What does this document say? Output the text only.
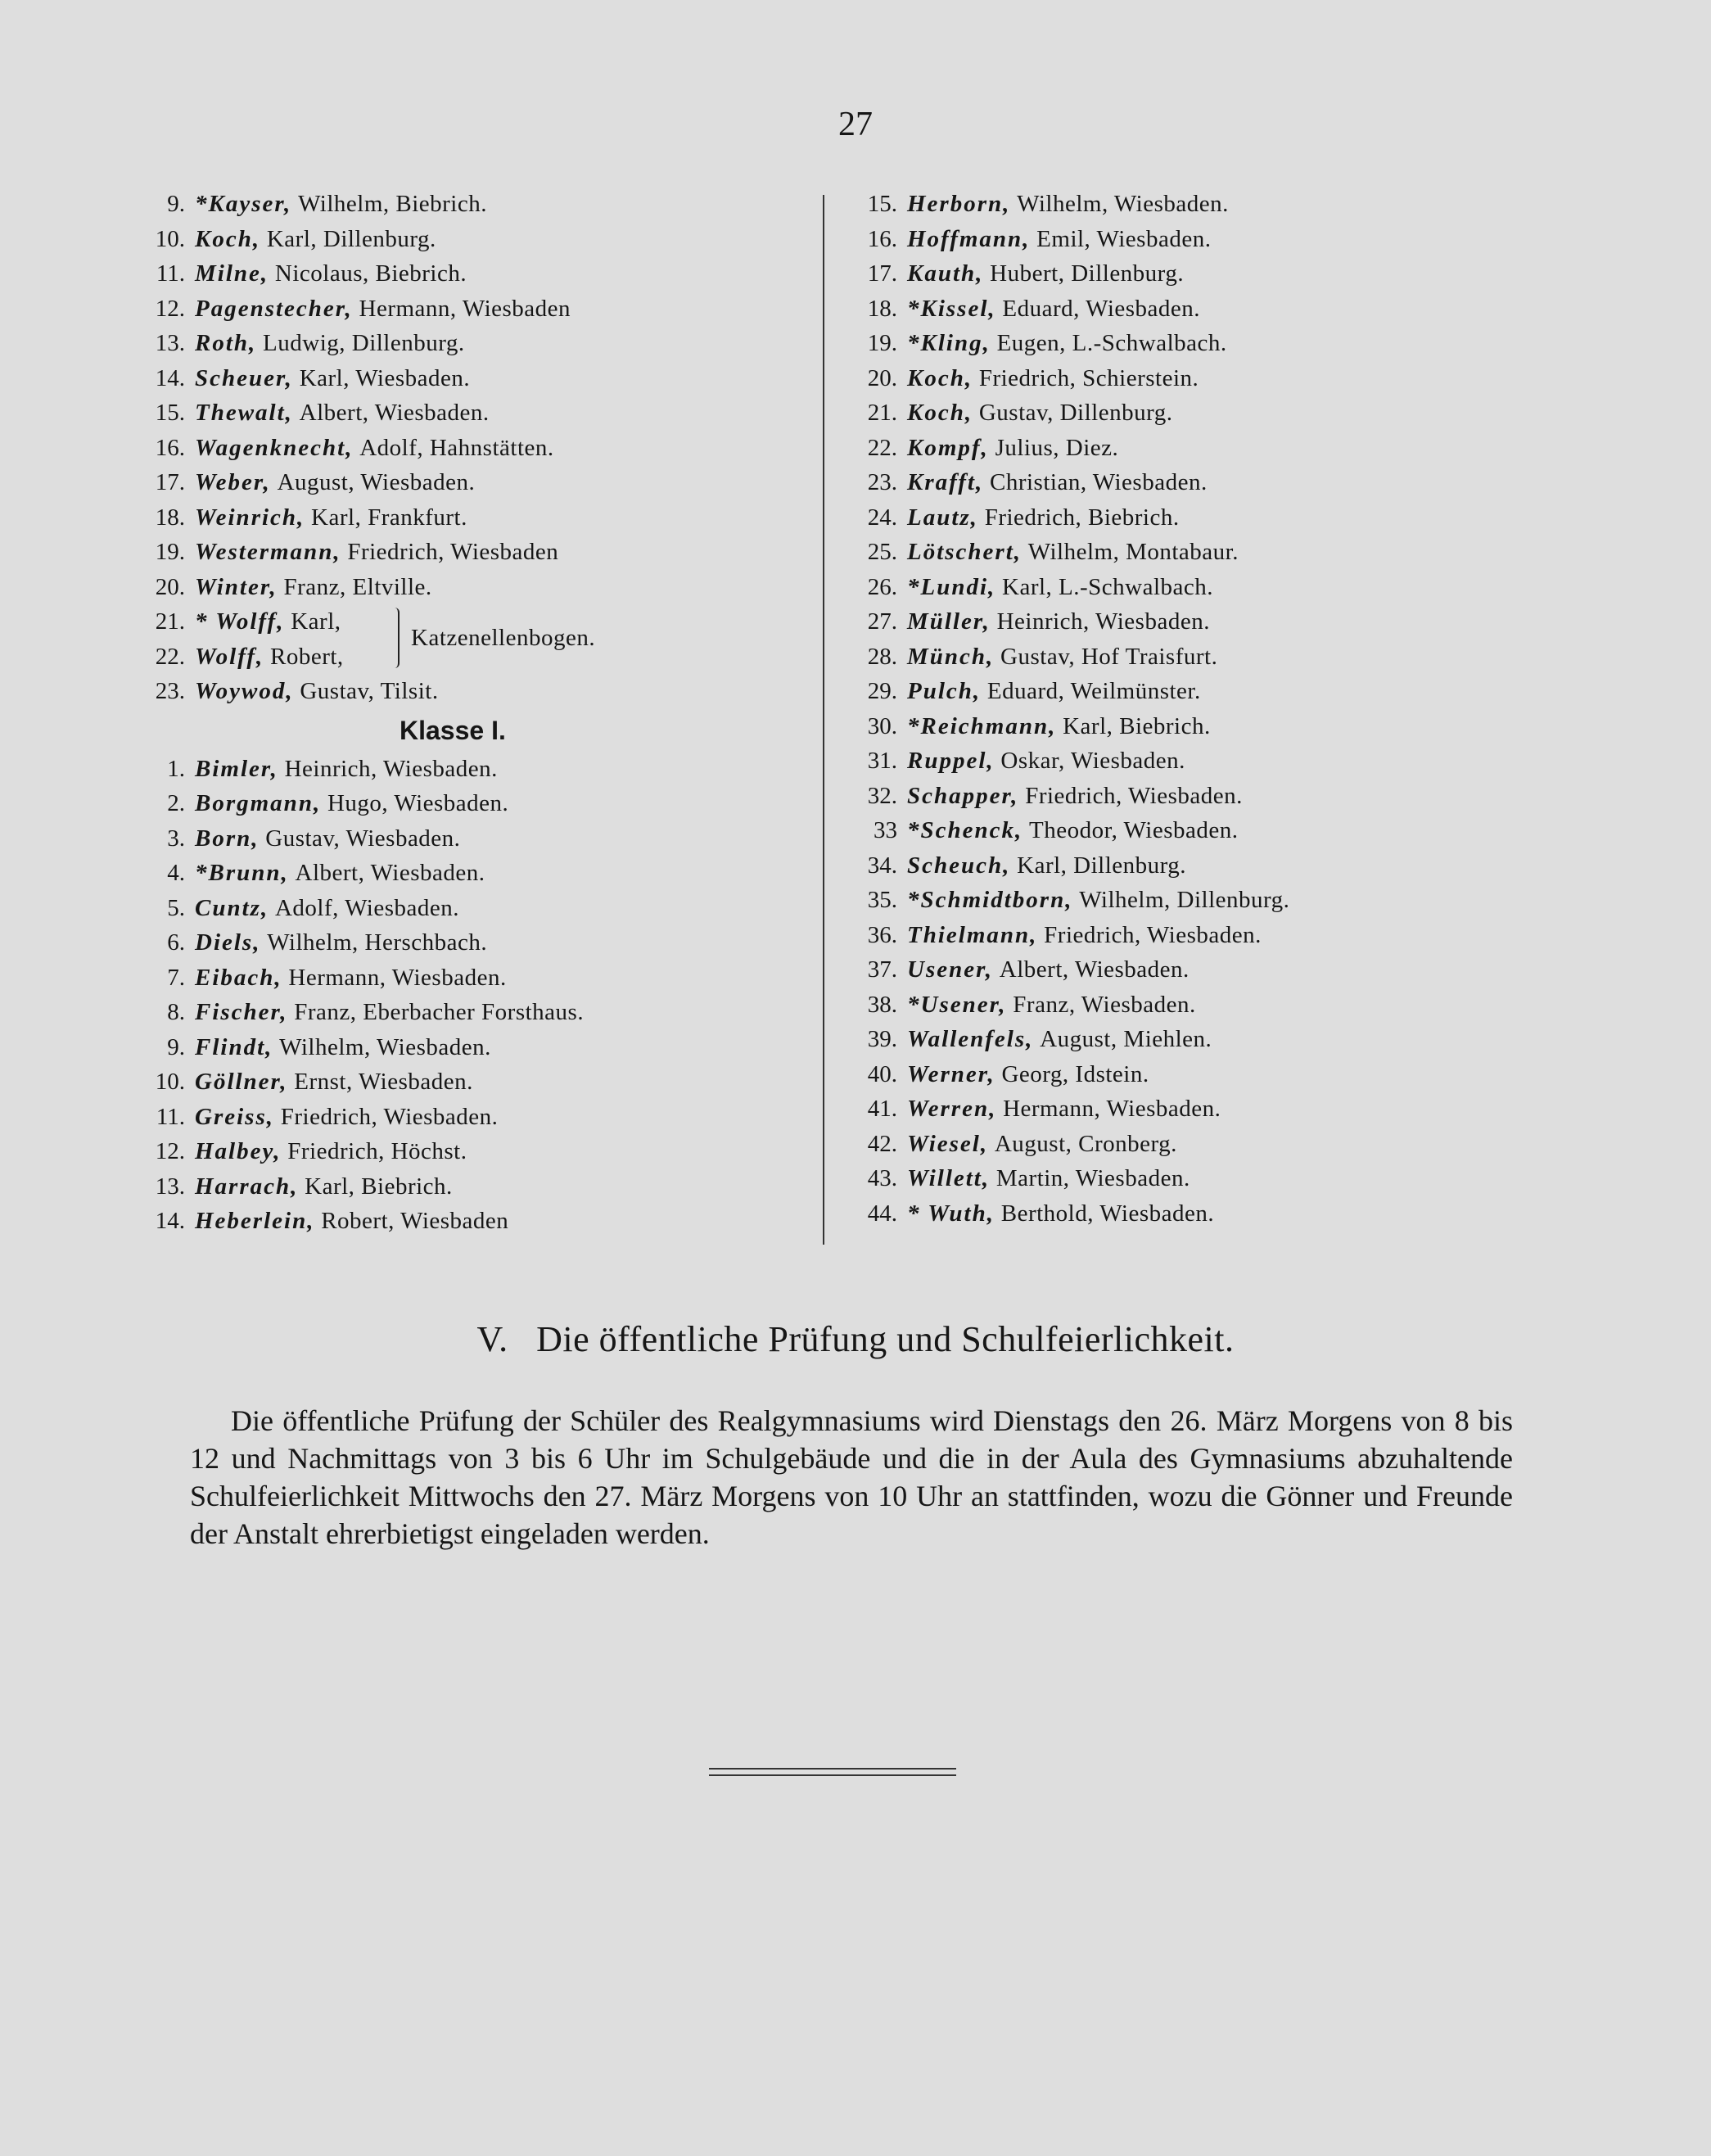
27
9. *Kayser, Wilhelm, Biebrich.
10. Koch, Karl, Dillenburg.
11. Milne, Nicolaus, Biebrich.
12. Pagenstecher, Hermann, Wiesbaden
13. Roth, Ludwig, Dillenburg.
14. Scheuer, Karl, Wiesbaden.
15. Thewalt, Albert, Wiesbaden.
16. Wagenknecht, Adolf, Hahnstätten.
17. Weber, August, Wiesbaden.
18. Weinrich, Karl, Frankfurt.
19. Westermann, Friedrich, Wiesbaden
20. Winter, Franz, Eltville.
21. * Wolff, Karl,
22. Wolff, Robert,
Katzenellenbogen.
23. Woywod, Gustav, Tilsit.
Klasse I.
1. Bimler, Heinrich, Wiesbaden.
2. Borgmann, Hugo, Wiesbaden.
3. Born, Gustav, Wiesbaden.
4. *Brunn, Albert, Wiesbaden.
5. Cuntz, Adolf, Wiesbaden.
6. Diels, Wilhelm, Herschbach.
7. Eibach, Hermann, Wiesbaden.
8. Fischer, Franz, Eberbacher Forsthaus.
9. Flindt, Wilhelm, Wiesbaden.
10. Göllner, Ernst, Wiesbaden.
11. Greiss, Friedrich, Wiesbaden.
12. Halbey, Friedrich, Höchst.
13. Harrach, Karl, Biebrich.
14. Heberlein, Robert, Wiesbaden
15. Herborn, Wilhelm, Wiesbaden.
16. Hoffmann, Emil, Wiesbaden.
17. Kauth, Hubert, Dillenburg.
18. *Kissel, Eduard, Wiesbaden.
19. *Kling, Eugen, L.-Schwalbach.
20. Koch, Friedrich, Schierstein.
21. Koch, Gustav, Dillenburg.
22. Kompf, Julius, Diez.
23. Krafft, Christian, Wiesbaden.
24. Lautz, Friedrich, Biebrich.
25. Lötschert, Wilhelm, Montabaur.
26. *Lundi, Karl, L.-Schwalbach.
27. Müller, Heinrich, Wiesbaden.
28. Münch, Gustav, Hof Traisfurt.
29. Pulch, Eduard, Weilmünster.
30. *Reichmann, Karl, Biebrich.
31. Ruppel, Oskar, Wiesbaden.
32. Schapper, Friedrich, Wiesbaden.
33 *Schenck, Theodor, Wiesbaden.
34. Scheuch, Karl, Dillenburg.
35. *Schmidtborn, Wilhelm, Dillenburg.
36. Thielmann, Friedrich, Wiesbaden.
37. Usener, Albert, Wiesbaden.
38. *Usener, Franz, Wiesbaden.
39. Wallenfels, August, Miehlen.
40. Werner, Georg, Idstein.
41. Werren, Hermann, Wiesbaden.
42. Wiesel, August, Cronberg.
43. Willett, Martin, Wiesbaden.
44. * Wuth, Berthold, Wiesbaden.
V.   Die öffentliche Prüfung und Schulfeierlichkeit.
Die öffentliche Prüfung der Schüler des Realgymnasiums wird Dienstags den 26. März Morgens von 8 bis 12 und Nachmittags von 3 bis 6 Uhr im Schulgebäude und die in der Aula des Gymnasiums abzuhaltende Schulfeierlichkeit Mittwochs den 27. März Morgens von 10 Uhr an stattfinden, wozu die Gönner und Freunde der Anstalt ehrerbietigst eingeladen werden.
